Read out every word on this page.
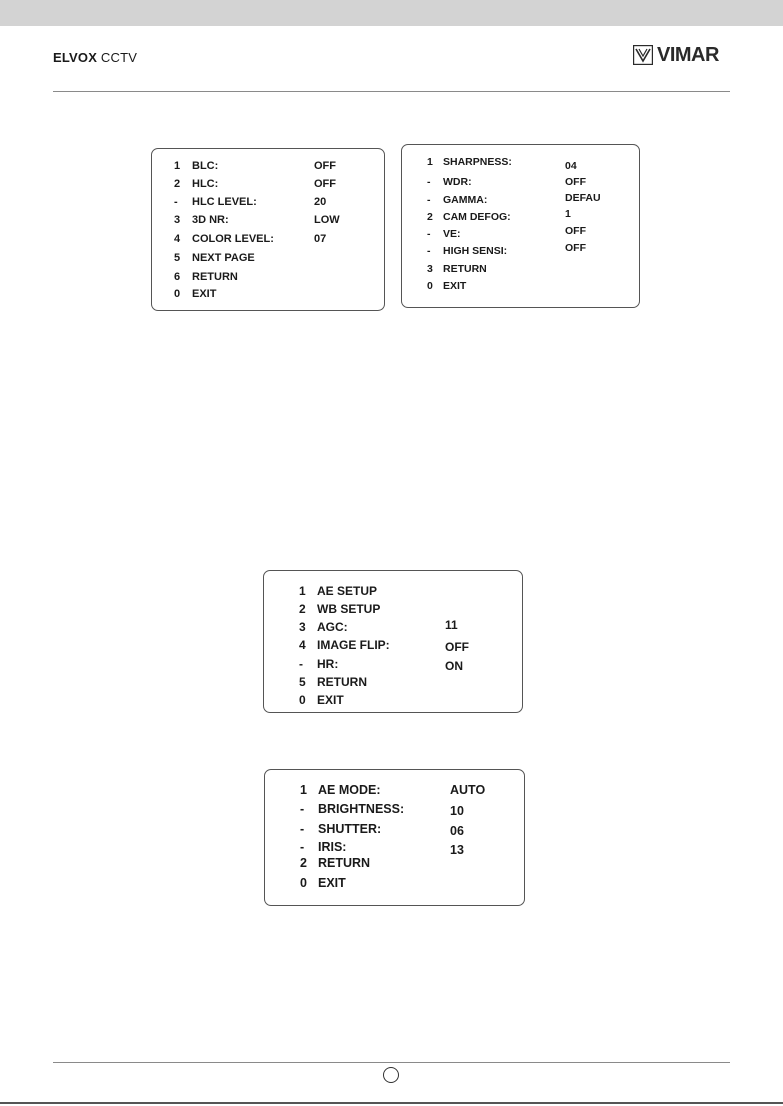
ELVOX CCTV	VIMAR
1 BLC:	OFF
2 HLC:	OFF
- HLC LEVEL:	20
3 3D NR:	LOW
4 COLOR LEVEL:	07
5 NEXT PAGE
6 RETURN
0 EXIT
1 SHARPNESS:	04
- WDR:	OFF
- GAMMA:	DEFAU
2 CAM DEFOG:	1
- VE:	OFF
- HIGH SENSI:	OFF
3 RETURN
0 EXIT
1 AE SETUP
2 WB SETUP
3 AGC:	11
4 IMAGE FLIP:	OFF
- HR:	ON
5 RETURN
0 EXIT
1 AE MODE:	AUTO
- BRIGHTNESS:	10
- SHUTTER:	06
- IRIS:	13
2 RETURN
0 EXIT
